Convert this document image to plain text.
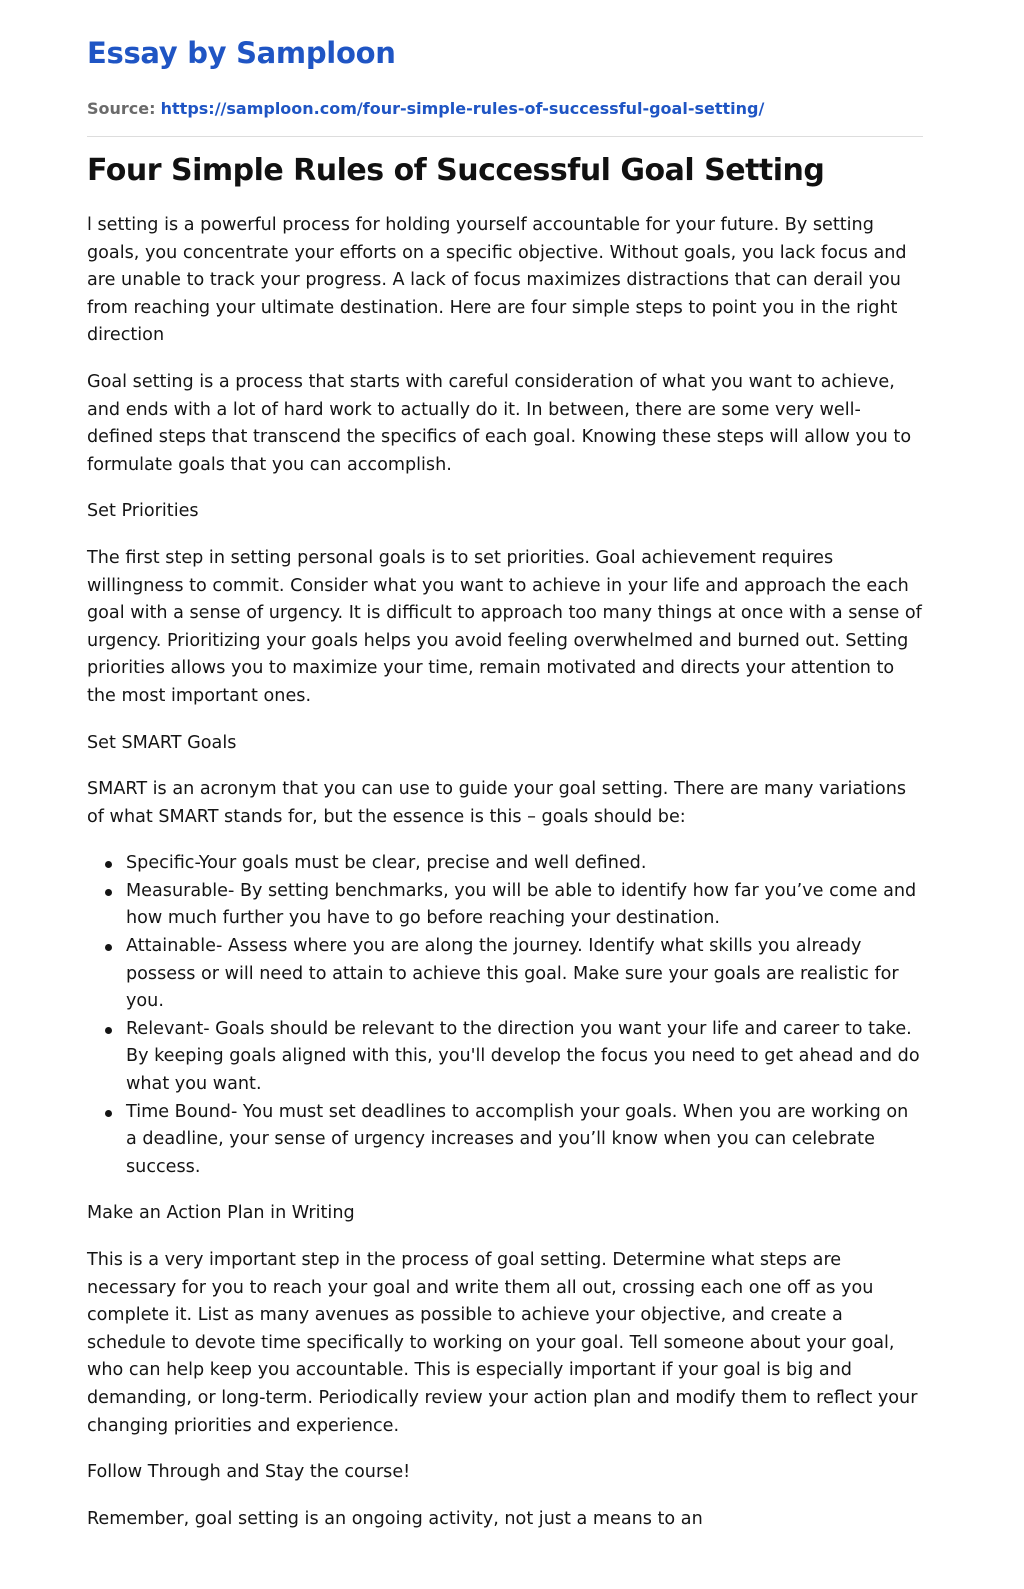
Essay by Samploon
Source: https://samploon.com/four-simple-rules-of-successful-goal-setting/
Four Simple Rules of Successful Goal Setting

l setting is a powerful process for holding yourself accountable for your future. By setting goals, you concentrate your efforts on a specific objective. Without goals, you lack focus and are unable to track your progress. A lack of focus maximizes distractions that can derail you from reaching your ultimate destination. Here are four simple steps to point you in the right direction

Goal setting is a process that starts with careful consideration of what you want to achieve, and ends with a lot of hard work to actually do it. In between, there are some very well-defined steps that transcend the specifics of each goal. Knowing these steps will allow you to formulate goals that you can accomplish.

Set Priorities

The first step in setting personal goals is to set priorities. Goal achievement requires willingness to commit. Consider what you want to achieve in your life and approach the each goal with a sense of urgency. It is difficult to approach too many things at once with a sense of urgency. Prioritizing your goals helps you avoid feeling overwhelmed and burned out. Setting priorities allows you to maximize your time, remain motivated and directs your attention to the most important ones.

Set SMART Goals

SMART is an acronym that you can use to guide your goal setting. There are many variations of what SMART stands for, but the essence is this – goals should be:

Specific-Your goals must be clear, precise and well defined.
Measurable- By setting benchmarks, you will be able to identify how far you’ve come and how much further you have to go before reaching your destination.
Attainable- Assess where you are along the journey. Identify what skills you already possess or will need to attain to achieve this goal. Make sure your goals are realistic for you.
Relevant- Goals should be relevant to the direction you want your life and career to take. By keeping goals aligned with this, you'll develop the focus you need to get ahead and do what you want.
Time Bound- You must set deadlines to accomplish your goals. When you are working on a deadline, your sense of urgency increases and you’ll know when you can celebrate success.

Make an Action Plan in Writing

This is a very important step in the process of goal setting. Determine what steps are necessary for you to reach your goal and write them all out, crossing each one off as you complete it. List as many avenues as possible to achieve your objective, and create a schedule to devote time specifically to working on your goal. Tell someone about your goal, who can help keep you accountable. This is especially important if your goal is big and demanding, or long-term. Periodically review your action plan and modify them to reflect your changing priorities and experience.

Follow Through and Stay the course!

Remember, goal setting is an ongoing activity, not just a means to an
